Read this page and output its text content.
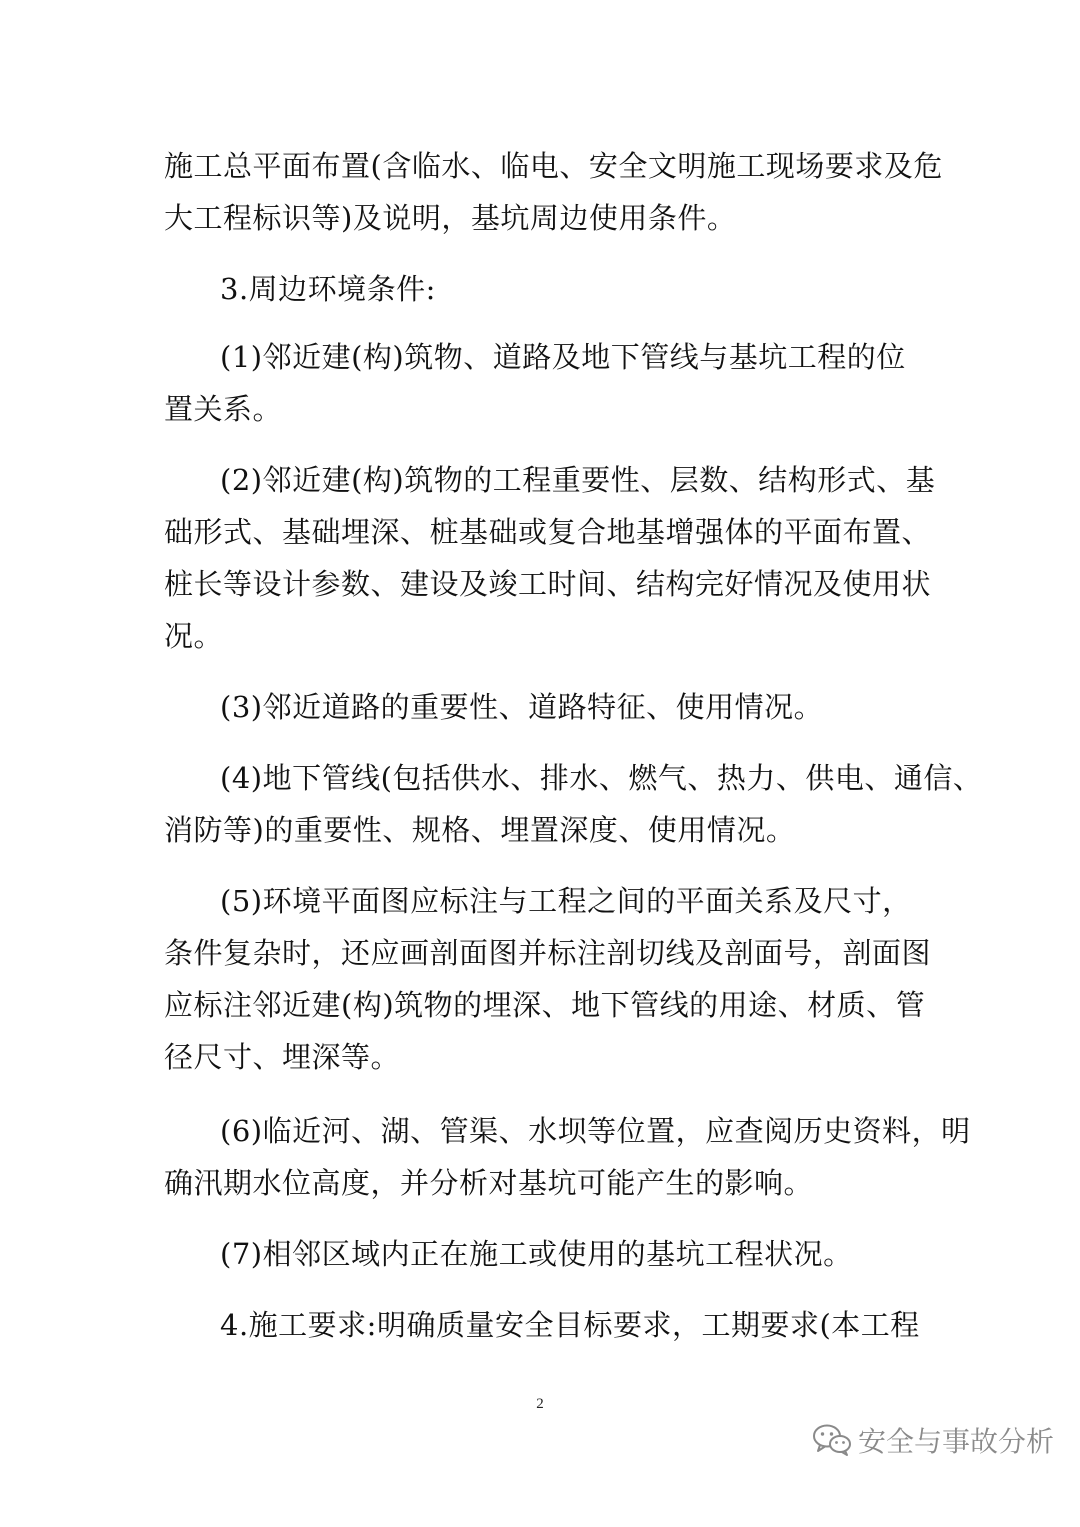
施工总平面布置(含临水、临电、安全文明施工现场要求及危
大工程标识等)及说明，基坑周边使用条件。
3.周边环境条件:
(1)邻近建(构)筑物、道路及地下管线与基坑工程的位
置关系。
(2)邻近建(构)筑物的工程重要性、层数、结构形式、基
础形式、基础埋深、桩基础或复合地基增强体的平面布置、
桩长等设计参数、建设及竣工时间、结构完好情况及使用状
况。
(3)邻近道路的重要性、道路特征、使用情况。
(4)地下管线(包括供水、排水、燃气、热力、供电、通信、
消防等)的重要性、规格、埋置深度、使用情况。
(5)环境平面图应标注与工程之间的平面关系及尺寸，
条件复杂时，还应画剖面图并标注剖切线及剖面号，剖面图
应标注邻近建(构)筑物的埋深、地下管线的用途、材质、管
径尺寸、埋深等。
(6)临近河、湖、管渠、水坝等位置，应查阅历史资料，明
确汛期水位高度，并分析对基坑可能产生的影响。
(7)相邻区域内正在施工或使用的基坑工程状况。
4.施工要求:明确质量安全目标要求，工期要求(本工程
2
安全与事故分析
